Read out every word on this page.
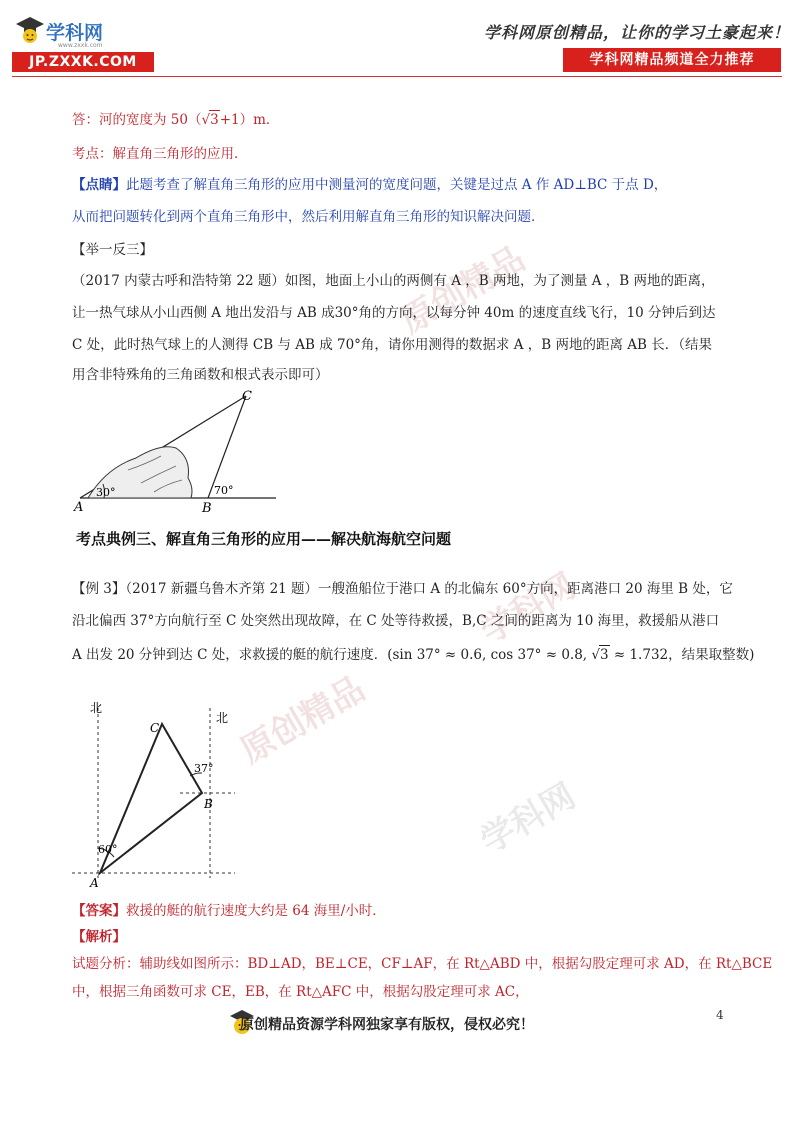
学科网
www.zxxk.com
JP.ZXXK.COM
学科网原创精品，让你的学习土豪起来！
学科网精品频道全力推荐
原创精品
学科网
原创精品
学科网
答：河的宽度为 50（√3+1）m．
考点：解直角三角形的应用．
【点睛】此题考查了解直角三角形的应用中测量河的宽度问题，关键是过点 A 作 AD⊥BC 于点 D，
从而把问题转化到两个直角三角形中，然后利用解直角三角形的知识解决问题．
【举一反三】
（2017 内蒙古呼和浩特第 22 题）如图，地面上小山的两侧有 A ，B 两地，为了测量 A ，B 两地的距离，
让一热气球从小山西侧 A 地出发沿与 AB 成30°角的方向，以每分钟 40m 的速度直线飞行，10 分钟后到达
C 处，此时热气球上的人测得 CB 与 AB 成 70°角，请你用测得的数据求 A ，B 两地的距离 AB 长．（结果
用含非特殊角的三角函数和根式表示即可）
A	B
C
30°	70°
考点典例三、解直角三角形的应用——解决航海航空问题
【例 3】（2017 新疆乌鲁木齐第 21 题）一艘渔船位于港口 A 的北偏东 60°方向，距离港口 20 海里 B 处，它
沿北偏西 37°方向航行至 C 处突然出现故障，在 C 处等待救援，B,C 之间的距离为 10 海里，救援船从港口
A 出发 20 分钟到达 C 处，求救援的艇的航行速度．(sin 37° ≈ 0.6, cos 37° ≈ 0.8, √3 ≈ 1.732，结果取整数)
北
北
C
B
A
60°
37°
【答案】救援的艇的航行速度大约是 64 海里/小时．
【解析】
试题分析：辅助线如图所示：BD⊥AD，BE⊥CE，CF⊥AF，在 Rt△ABD 中，根据勾股定理可求 AD，在 Rt△BCE
中，根据三角函数可求 CE，EB，在 Rt△AFC 中，根据勾股定理可求 AC，
4
原创精品资源学科网独家享有版权，侵权必究！
